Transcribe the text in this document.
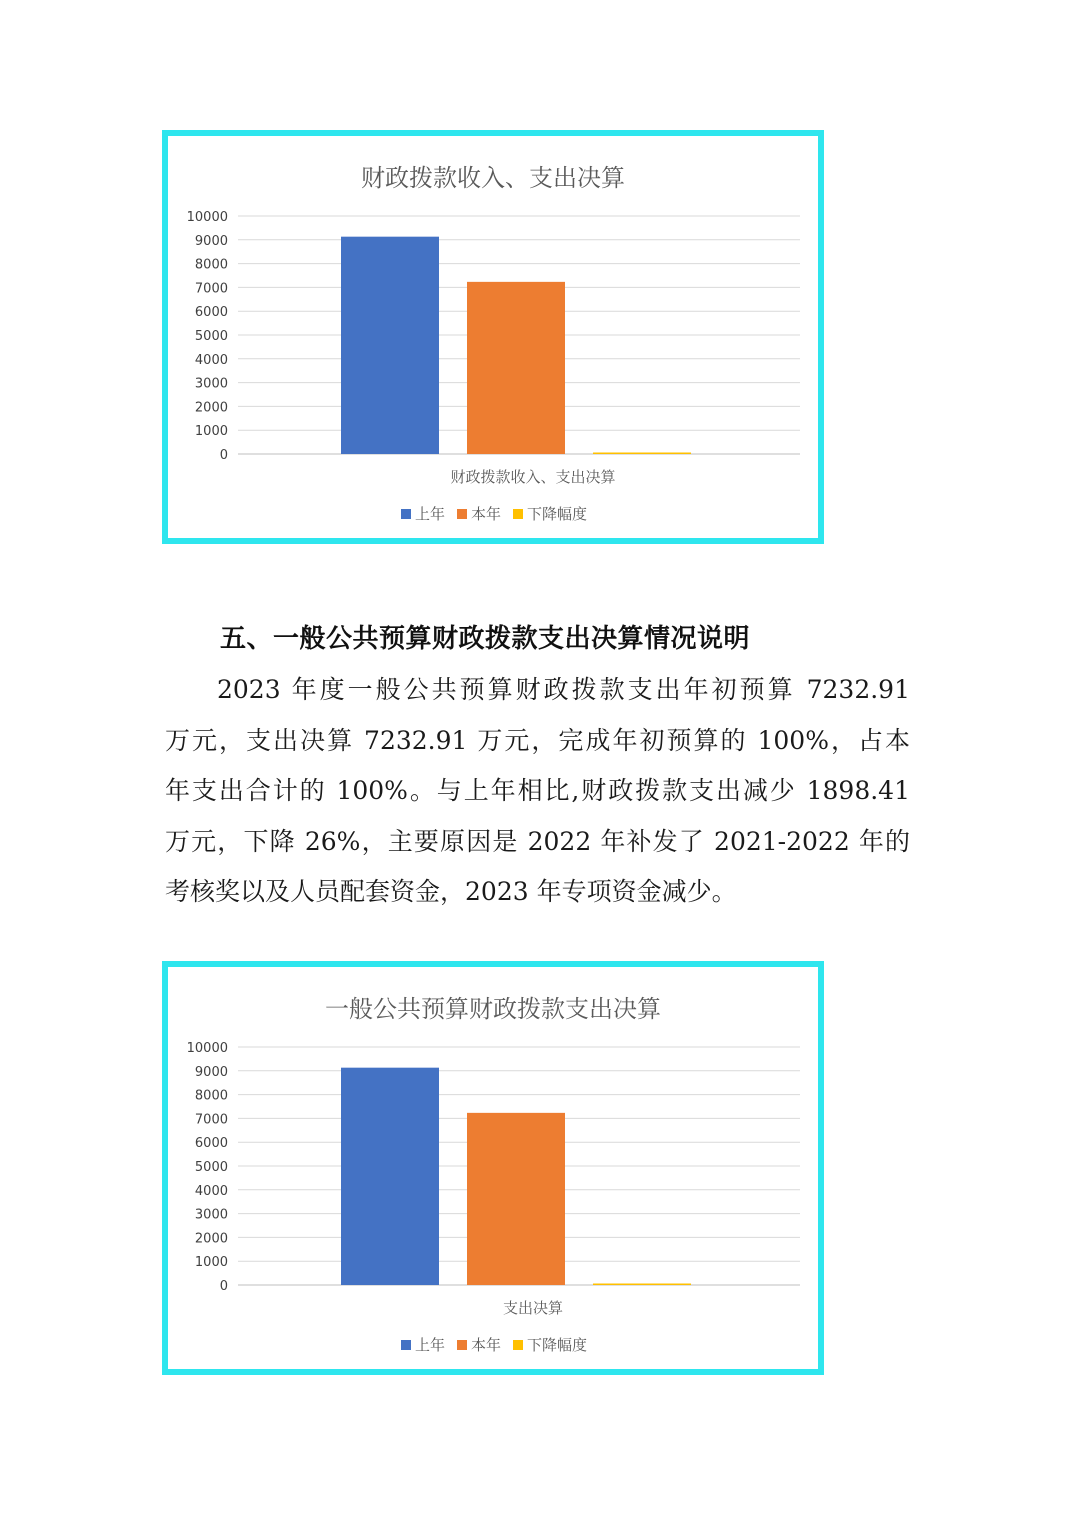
财政拨款收入、支出决算
0
1000
2000
3000
4000
5000
6000
7000
8000
9000
10000
财政拨款收入、支出决算
上年 本年 下降幅度
五、一般公共预算财政拨款支出决算情况说明
2023 年度一般公共预算财政拨款支出年初预算 7232.91
万元，支出决算 7232.91 万元，完成年初预算的 100%，占本
年支出合计的 100%。与上年相比,财政拨款支出减少 1898.41
万元，下降 26%，主要原因是 2022 年补发了 2021-2022 年的
考核奖以及人员配套资金，2023 年专项资金减少。
一般公共预算财政拨款支出决算
0
1000
2000
3000
4000
5000
6000
7000
8000
9000
10000
支出决算
上年 本年 下降幅度
